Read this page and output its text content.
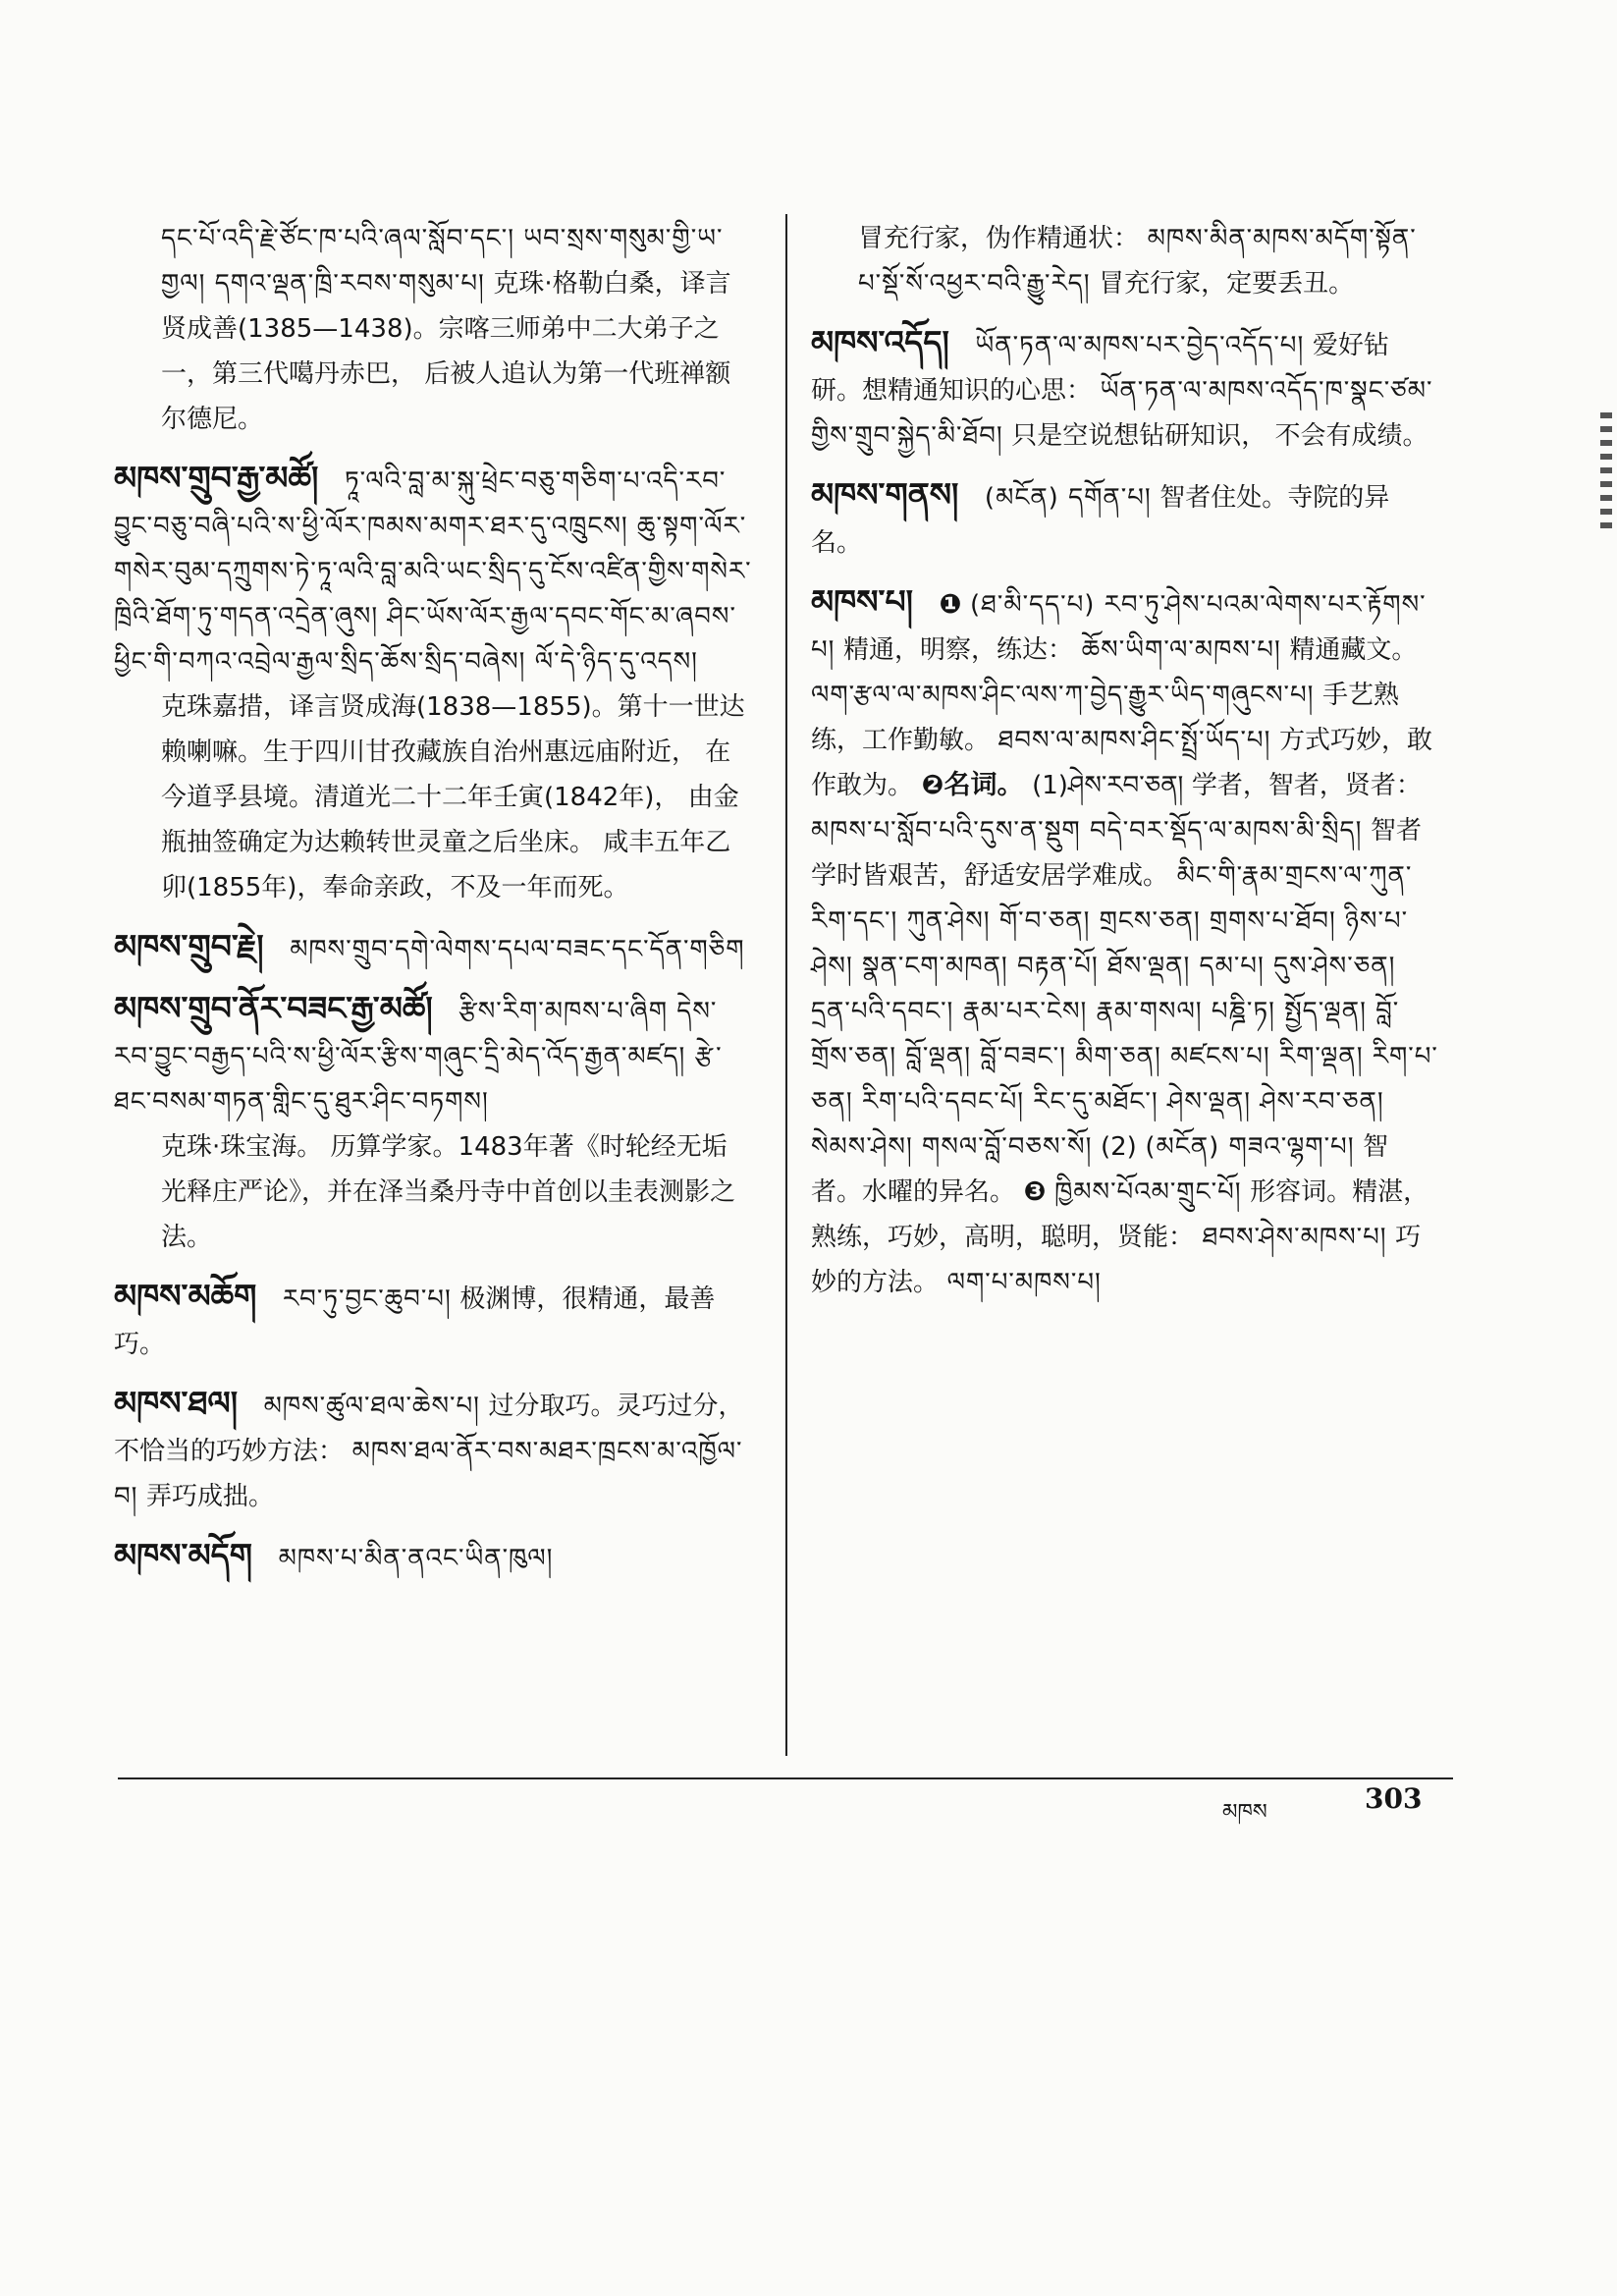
དང་པོ་འདི་རྗེ་ཙོང་ཁ་པའི་ཞལ་སློབ་དང་། ཡབ་སྲས་གསུམ་གྱི་ཡ་གྱལ། དགའ་ལྡན་ཁྲི་རབས་གསུམ་པ། 克珠·格勒白桑，译言贤成善(1385—1438)。宗喀三师弟中二大弟子之一，第三代噶丹赤巴， 后被人追认为第一代班禅额尔德尼。
མཁས་གྲུབ་རྒྱ་མཚོ། ཏཱ་ལའི་བླ་མ་སྐུ་ཕྲེང་བཅུ་གཅིག་པ་འདི་རབ་བྱུང་བཅུ་བཞི་པའི་ས་ཕྱི་ལོར་ཁམས་མགར་ཐར་དུ་འཁྲུངས། ཆུ་སྟག་ལོར་གསེར་བུམ་དཀྲུགས་ཏེ་ཏཱ་ལའི་བླ་མའི་ཡང་སྲིད་དུ་ངོས་འཛིན་གྱིས་གསེར་ཁྲིའི་ཐོག་ཏུ་གདན་འདྲེན་ཞུས། ཤིང་ཡོས་ལོར་རྒྱལ་དབང་གོང་མ་ཞབས་ཕྱིང་གི་བཀའ་འབྲེལ་རྒྱལ་སྲིད་ཆོས་སྲིད་བཞེས། ལོ་དེ་ཉིད་དུ་འདས།
克珠嘉措，译言贤成海(1838—1855)。第十一世达赖喇嘛。生于四川甘孜藏族自治州惠远庙附近， 在今道孚县境。清道光二十二年壬寅(1842年)， 由金瓶抽签确定为达赖转世灵童之后坐床。 咸丰五年乙卯(1855年)，奉命亲政，不及一年而死。
མཁས་གྲུབ་རྗེ། མཁས་གྲུབ་དགེ་ལེགས་དཔལ་བཟང་དང་དོན་གཅིག
མཁས་གྲུབ་ནོར་བཟང་རྒྱ་མཚོ། རྩིས་རིག་མཁས་པ་ཞིག དེས་རབ་བྱུང་བརྒྱད་པའི་ས་ཕྱི་ལོར་རྩིས་གཞུང་དྲི་མེད་འོད་རྒྱན་མཛད། རྩེ་ཐང་བསམ་གཏན་གླིང་དུ་ཐུར་ཤིང་བཏགས།
克珠·珠宝海。 历算学家。1483年著《时轮经无垢光释庄严论》，并在泽当桑丹寺中首创以圭表测影之法。
མཁས་མཆོག རབ་ཏུ་བྱང་ཆུབ་པ། 极渊博，很精通，最善巧。
མཁས་ཐལ། མཁས་ཚུལ་ཐལ་ཆེས་པ། 过分取巧。灵巧过分，不恰当的巧妙方法： མཁས་ཐལ་ནོར་བས་མཐར་ཁྲངས་མ་འཁྱོལ་བ། 弄巧成拙。
མཁས་མདོག མཁས་པ་མིན་ནའང་ཡིན་ཁུལ།
冒充行家，伪作精通状： མཁས་མིན་མཁས་མདོག་སྟོན་པ་སྡོ་སོ་འཕྱར་བའི་རྒྱུ་རེད། 冒充行家，定要丢丑。
མཁས་འདོད། ཡོན་ཏན་ལ་མཁས་པར་བྱེད་འདོད་པ། 爱好钻研。想精通知识的心思： ཡོན་ཏན་ལ་མཁས་འདོད་ཁ་སྣང་ཙམ་གྱིས་གྲུབ་སྐྱེད་མི་ཐོབ། 只是空说想钻研知识， 不会有成绩。
མཁས་གནས། (མངོན) དགོན་པ། 智者住处。寺院的异名。
མཁས་པ། ❶ (ཐ་མི་དད་པ) རབ་ཏུ་ཤེས་པའམ་ལེགས་པར་རྟོགས་པ། 精通，明察，练达： ཆོས་ཡིག་ལ་མཁས་པ། 精通藏文。 ལག་རྩལ་ལ་མཁས་ཤིང་ལས་ཀ་བྱེད་རྒྱུར་ཡིད་གཞུངས་པ། 手艺熟练，工作勤敏。 ཐབས་ལ་མཁས་ཤིང་སྤྲོ་ཡོད་པ། 方式巧妙，敢作敢为。 ❷名词。 (1)ཤེས་རབ་ཅན། 学者，智者，贤者： མཁས་པ་སློབ་པའི་དུས་ན་སྡུག བདེ་བར་སྡོད་ལ་མཁས་མི་སྲིད། 智者学时皆艰苦，舒适安居学难成。 མིང་གི་རྣམ་གྲངས་ལ་ཀུན་རིག་དང་། ཀུན་ཤེས། གོ་བ་ཅན། གྲངས་ཅན། གྲགས་པ་ཐོབ། ཉིས་པ་ཤེས། སྣན་ངག་མཁན། བརྟན་པོ། ཐོས་ལྡན། དམ་པ། དུས་ཤེས་ཅན། དྲན་པའི་དབང་། རྣམ་པར་ངེས། རྣམ་གསལ། པཎྜི་ཏ། སྤྱོད་ལྡན། བློ་གྲོས་ཅན། བློ་ལྡན། བློ་བཟང་། མིག་ཅན། མཛངས་པ། རིག་ལྡན། རིག་པ་ཅན། རིག་པའི་དབང་པོ། རིང་དུ་མཐོང་། ཤེས་ལྡན། ཤེས་རབ་ཅན། སེམས་ཤེས། གསལ་བློ་བཅས་སོ། (2) (མངོན) གཟའ་ལྷག་པ། 智者。水曜的异名。 ❸ ཁྱིམས་པོའམ་གྲུང་པོ། 形容词。精湛，熟练，巧妙，高明，聪明，贤能： ཐབས་ཤེས་མཁས་པ། 巧妙的方法。 ལག་པ་མཁས་པ།
མཁས	303
